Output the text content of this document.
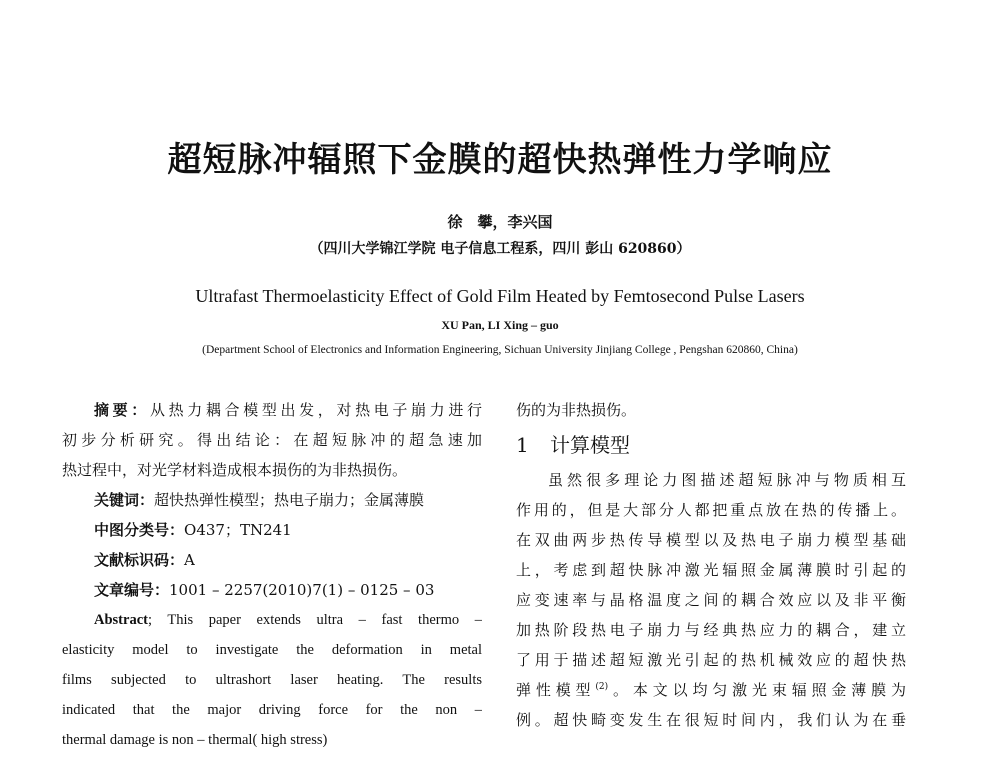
超短脉冲辐照下金膜的超快热弹性力学响应
徐　攀，李兴国
（四川大学锦江学院 电子信息工程系，四川 彭山 620860）
Ultrafast Thermoelasticity Effect of Gold Film Heated by Femtosecond Pulse Lasers
XU Pan, LI Xing – guo
(Department School of Electronics and Information Engineering, Sichuan University Jinjiang College , Pengshan 620860, China)
摘要：从热力耦合模型出发，对热电子崩力进行
初步分析研究。得出结论：在超短脉冲的超急速加
热过程中，对光学材料造成根本损伤的为非热损伤。
关键词：超快热弹性模型；热电子崩力；金属薄膜
中图分类号：O437；TN241
文献标识码：A
文章编号：1001 – 2257(2010)7(1) – 0125 – 03
Abstract; This paper extends ultra – fast thermo –
elasticity model to investigate the deformation in metal
films subjected to ultrashort laser heating. The results
indicated that the major driving force for the non –
thermal damage is non – thermal( high stress)
伤的为非热损伤。
1 计算模型
虽然很多理论力图描述超短脉冲与物质相互
作用的，但是大部分人都把重点放在热的传播上。
在双曲两步热传导模型以及热电子崩力模型基础
上，考虑到超快脉冲激光辐照金属薄膜时引起的
应变速率与晶格温度之间的耦合效应以及非平衡
加热阶段热电子崩力与经典热应力的耦合，建立
了用于描述超短激光引起的热机械效应的超快热
弹性模型$^{(2)}$。本文以均匀激光束辐照金薄膜为
例。超快畸变发生在很短时间内，我们认为在垂
